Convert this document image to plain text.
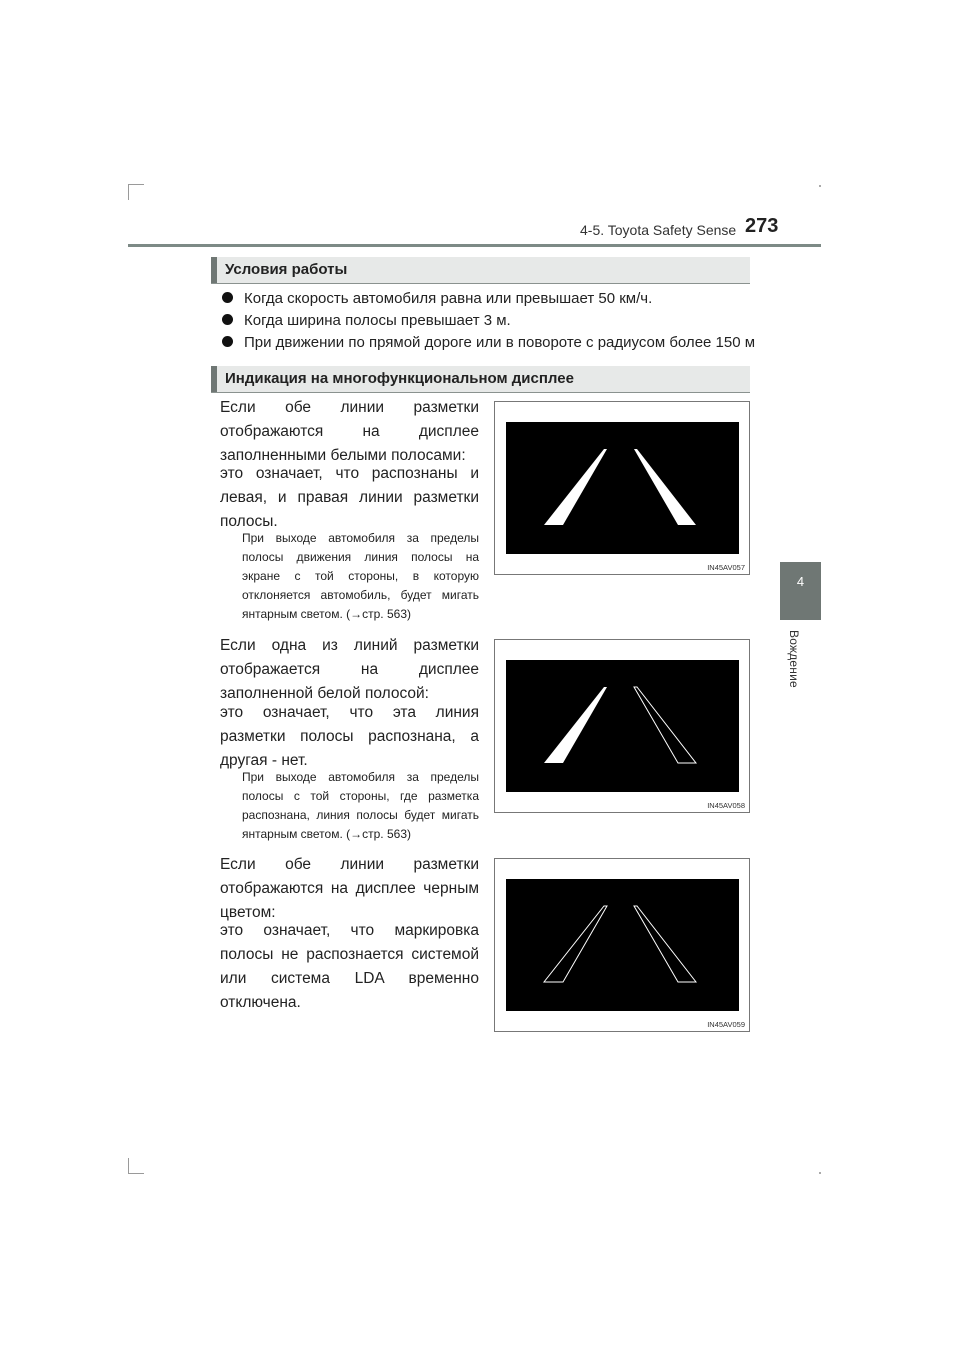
4-5. Toyota Safety Sense 273
4
Вождение
Условия работы
Когда скорость автомобиля равна или превышает 50 км/ч.
Когда ширина полосы превышает 3 м.
При движении по прямой дороге или в повороте с радиусом более 150 м
Индикация на многофункциональном дисплее
Если обе линии разметки отображаются на дисплее заполненными белыми полосами:
это означает, что распознаны и левая, и правая линии разметки полосы.
При выходе автомобиля за пределы полосы движения линия полосы на экране с той стороны, в которую отклоняется автомобиль, будет мигать янтарным светом. (→стр. 563)
IN45AV057
Если одна из линий разметки отображается на дисплее заполненной белой полосой:
это означает, что эта линия разметки полосы распознана, а другая - нет.
При выходе автомобиля за пределы полосы с той стороны, где разметка распознана, линия полосы будет мигать янтарным светом. (→стр. 563)
IN45AV058
Если обе линии разметки отображаются на дисплее черным цветом:
это означает, что маркировка полосы не распознается системой или система LDA временно отключена.
IN45AV059
